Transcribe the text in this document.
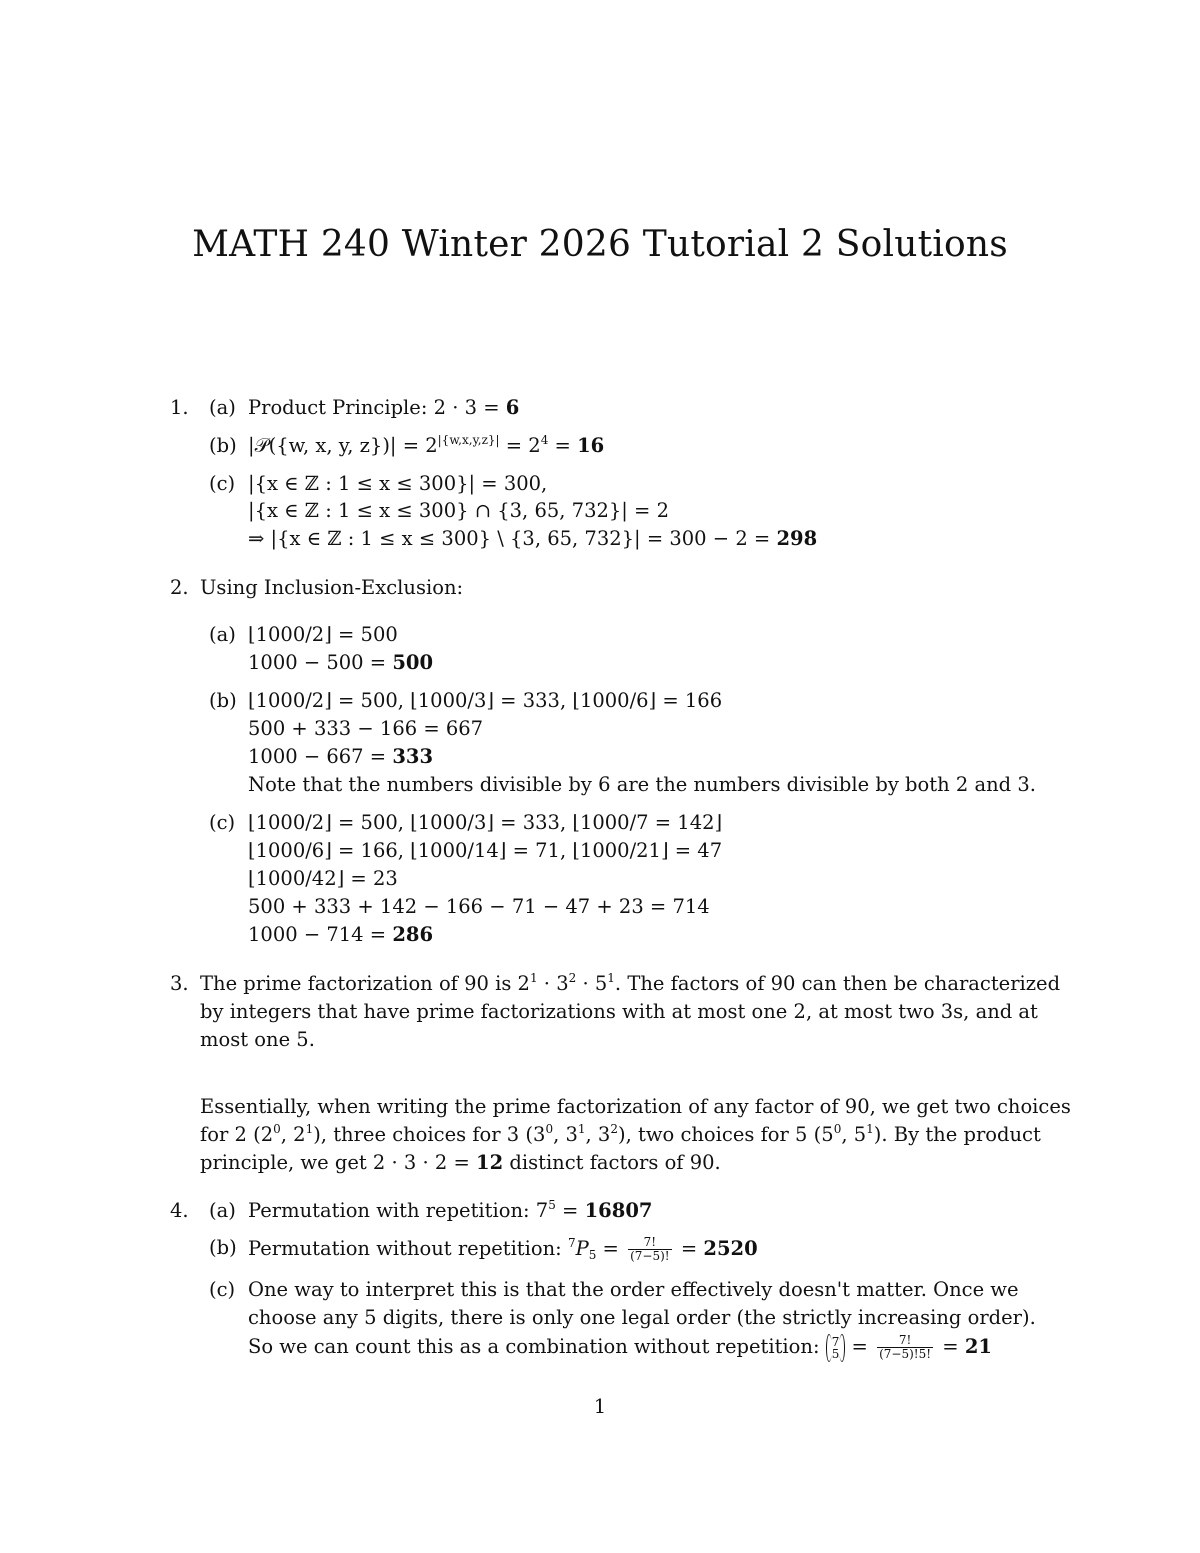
MATH 240 Winter 2026 Tutorial 2 Solutions
1. (a) Product Principle: 2 · 3 = 6
(b) |𝒫({w, x, y, $z\})| = 2^{|\{w,x,y,z\}|} = 2^4 = 16$
(c) |{x ∈ ℤ : 1 ≤ x ≤ 300}| = 300,
|{x ∈ ℤ : 1 ≤ x ≤ 300} ∩ {3, 65, 732}| = 2
⇒ |{x ∈ ℤ : 1 ≤ x ≤ 300} \ {3, 65, 732}| = 300 − 2 = 298
2. Using Inclusion-Exclusion:
(a) ⌊1000/2⌋ = 500
1000 − 500 = 500
(b) ⌊1000/2⌋ = 500, ⌊1000/3⌋ = 333, ⌊1000/6⌋ = 166
500 + 333 − 166 = 667
1000 − 667 = 333
Note that the numbers divisible by 6 are the numbers divisible by both 2 and 3.
(c) ⌊1000/2⌋ = 500, ⌊1000/3⌋ = 333, ⌊1000/7 = 142⌋
⌊1000/6⌋ = 166, ⌊1000/14⌋ = 71, ⌊1000/21⌋ = 47
⌊1000/42⌋ = 23
500 + 333 + 142 − 166 − 71 − 47 + 23 = 714
1000 − 714 = 286
3. The prime factorization of 90 is $2^1 \cdot 3^2 \cdot 5^1$. The factors of 90 can then be characterized
by integers that have prime factorizations with at most one 2, at most two 3s, and at
most one 5.
Essentially, when writing the prime factorization of any factor of 90, we get two choices
for 2 ($2^0$, $2^1$), three choices for 3 ($3^0$, $3^1$, $3^2$), two choices for 5 ($5^0$, $5^1$). By the product
principle, we get 2 · 3 · 2 = 12 distinct factors of 90.
4. (a) Permutation with repetition: $7^5 = 16807$
(b) Permutation without repetition: $^7P_5 = \frac{7!}{(7-5)!} = 2520$
(c) One way to interpret this is that the order effectively doesn't matter. Once we
choose any 5 digits, there is only one legal order (the strictly increasing order).
So we can count this as a combination without repetition: 7
$5 = \frac{7!}{(7-5)!5!} = 21$
1
